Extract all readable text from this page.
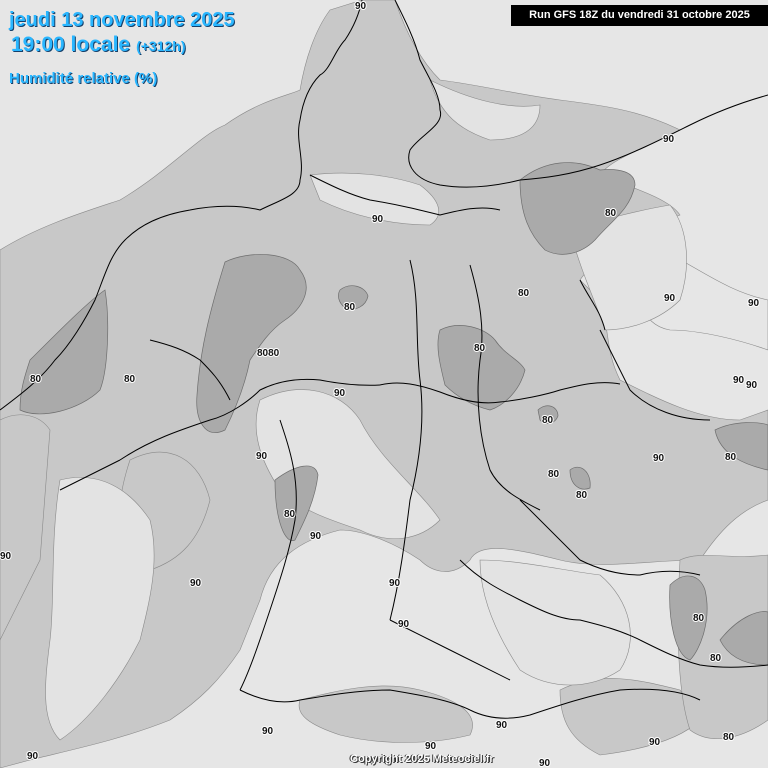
90
90
90
90	90
80
80
80
90
80
8080
80
90
80	90 90
80
90	80
80
80
90
80
80
90
90	90
90
90
90
90
80
80
90
90
90
jeudi 13 novembre 2025
19:00 locale (+312h)
Humidité relative (%)
Run GFS 18Z du vendredi 31 octobre 2025
Copyright 2025 Meteociel.fr
